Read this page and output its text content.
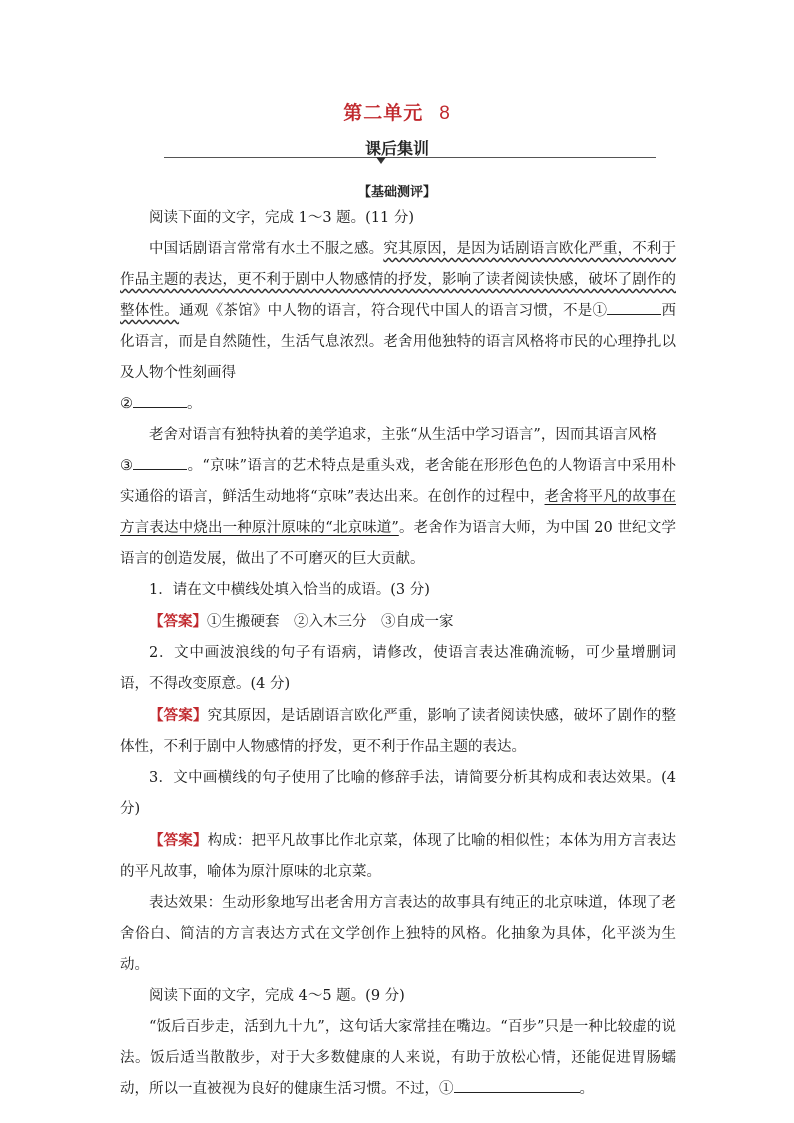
第二单元 8
课后集训
【基础测评】

阅读下面的文字，完成 1～3 题。(11 分)

中国话剧语言常常有水土不服之感。究其原因，是因为话剧语言欧化严重，不利于作品主题的表达，更不利于剧中人物感情的抒发，影响了读者阅读快感，破坏了剧作的整体性。通观《茶馆》中人物的语言，符合现代中国人的语言习惯，不是①	西化语言，而是自然随性，生活气息浓烈。老舍用他独特的语言风格将市民的心理挣扎以及人物个性刻画得
②	。

老舍对语言有独特执着的美学追求，主张“从生活中学习语言”，因而其语言风格
③	。“京味”语言的艺术特点是重头戏，老舍能在形形色色的人物语言中采用朴实通俗的语言，鲜活生动地将“京味”表达出来。在创作的过程中，老舍将平凡的故事在方言表达中烧出一种原汁原味的“北京味道”。老舍作为语言大师，为中国 20 世纪文学语言的创造发展，做出了不可磨灭的巨大贡献。

1．请在文中横线处填入恰当的成语。(3 分)

【答案】①生搬硬套　②入木三分　③自成一家

2．文中画波浪线的句子有语病，请修改，使语言表达准确流畅，可少量增删词语，不得改变原意。(4 分)

【答案】究其原因，是话剧语言欧化严重，影响了读者阅读快感，破坏了剧作的整体性，不利于剧中人物感情的抒发，更不利于作品主题的表达。

3．文中画横线的句子使用了比喻的修辞手法，请简要分析其构成和表达效果。(4 分)

【答案】构成：把平凡故事比作北京菜，体现了比喻的相似性；本体为用方言表达的平凡故事，喻体为原汁原味的北京菜。

表达效果：生动形象地写出老舍用方言表达的故事具有纯正的北京味道，体现了老舍俗白、简洁的方言表达方式在文学创作上独特的风格。化抽象为具体，化平淡为生动。

阅读下面的文字，完成 4～5 题。(9 分)

“饭后百步走，活到九十九”，这句话大家常挂在嘴边。“百步”只是一种比较虚的说法。饭后适当散散步，对于大多数健康的人来说，有助于放松心情，还能促进胃肠蠕动，所以一直被视为良好的健康生活习惯。不过，①	。
